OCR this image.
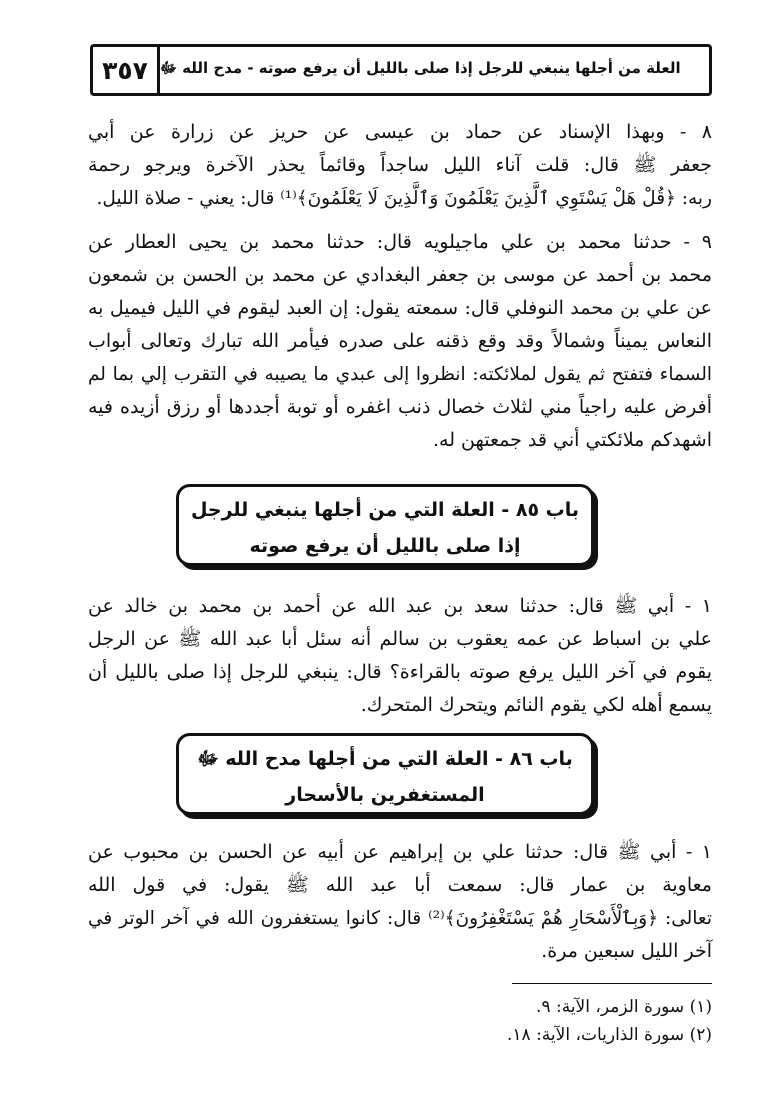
٣٥٧ العلة من أجلها ينبغي للرجل إذا صلى بالليل أن يرفع صوته - مدح الله ﷻ

٨ - وبهذا الإسناد عن حماد بن عيسى عن حريز عن زرارة عن أبي
جعفر ﷺ قال: قلت آناء الليل ساجداً وقائماً يحذر الآخرة ويرجو رحمة
ربه: ﴿قُلْ هَلْ يَسْتَوِي ٱلَّذِينَ يَعْلَمُونَ وَٱلَّذِينَ لَا يَعْلَمُونَ﴾⁽¹⁾ قال: يعني - صلاة الليل.

٩ - حدثنا محمد بن علي ماجيلويه قال: حدثنا محمد بن يحيى العطار عن
محمد بن أحمد عن موسى بن جعفر البغدادي عن محمد بن الحسن بن شمعون
عن علي بن محمد النوفلي قال: سمعته يقول: إن العبد ليقوم في الليل فيميل به
النعاس يميناً وشمالاً وقد وقع ذقنه على صدره فيأمر الله تبارك وتعالى أبواب
السماء فتفتح ثم يقول لملائكته: انظروا إلى عبدي ما يصيبه في التقرب إلي بما لم
أفرض عليه راجياً مني لثلاث خصال ذنب اغفره أو توبة أجددها أو رزق أزيده فيه
اشهدكم ملائكتي أني قد جمعتهن له.

باب ٨٥ - العلة التي من أجلها ينبغي للرجل
إذا صلى بالليل أن يرفع صوته

١ - أبي ﷺ قال: حدثنا سعد بن عبد الله عن أحمد بن محمد بن خالد عن
علي بن اسباط عن عمه يعقوب بن سالم أنه سئل أبا عبد الله ﷺ عن الرجل
يقوم في آخر الليل يرفع صوته بالقراءة؟ قال: ينبغي للرجل إذا صلى بالليل أن
يسمع أهله لكي يقوم النائم ويتحرك المتحرك.

باب ٨٦ - العلة التي من أجلها مدح الله ﷻ
المستغفرين بالأسحار

١ - أبي ﷺ قال: حدثنا علي بن إبراهيم عن أبيه عن الحسن بن محبوب عن
معاوية بن عمار قال: سمعت أبا عبد الله ﷺ يقول: في قول الله
تعالى: ﴿وَبِٱلْأَسْحَارِ هُمْ يَسْتَغْفِرُونَ﴾⁽²⁾ قال: كانوا يستغفرون الله في آخر الوتر في
آخر الليل سبعين مرة.

(١) سورة الزمر، الآية: ٩.

(٢) سورة الذاريات، الآية: ١٨.
